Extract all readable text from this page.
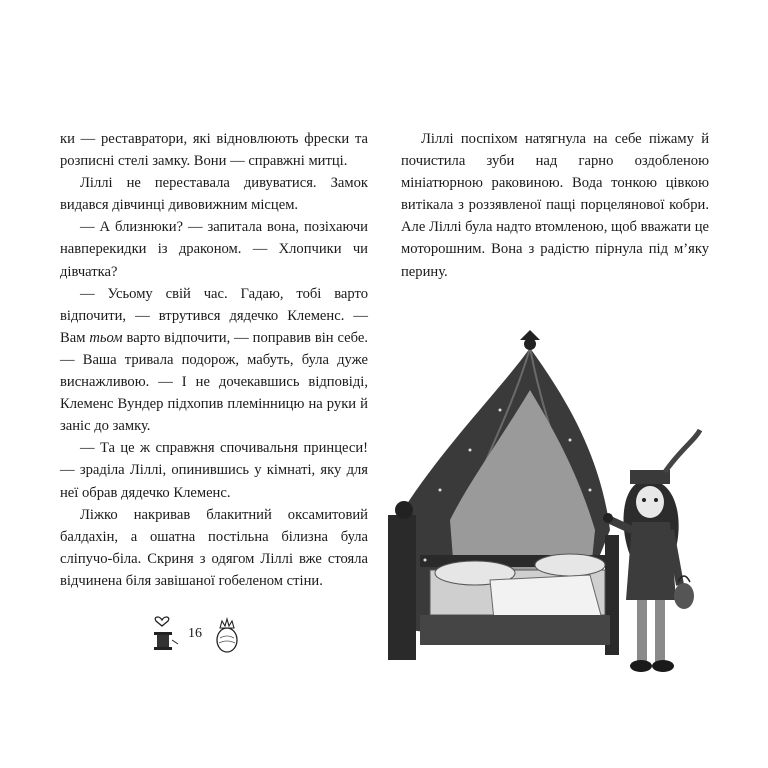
ки — реставратори, які відновлюють фрески та розписні стелі замку. Вони — справжні митці.

Ліллі не переставала дивуватися. Замок видався дівчинці дивовижним місцем.

— А близнюки? — запитала вона, позіхаючи навперекидки із драконом. — Хлопчики чи дівчатка?

— Усьому свій час. Гадаю, тобі варто відпочити, — втрутився дядечко Клеменс. — Вам тьом варто відпочити, — поправив він себе. — Ваша тривала подорож, мабуть, була дуже виснажливою. — І не дочекавшись відповіді, Клеменс Вундер підхопив племінницю на руки й заніс до замку.

— Та це ж справжня спочивальня принцеси! — зраділа Ліллі, опинившись у кімнаті, яку для неї обрав дядечко Клеменс.

Ліжко накривав блакитний оксамитовий балдахін, а ошатна постільна білизна була сліпучо-біла. Скриня з одягом Ліллі вже стояла відчинена біля завішаної гобеленом стіни.

16

Ліллі поспіхом натягнула на себе піжаму й почистила зуби над гарно оздобленою мініатюрною раковиною. Вода тонкою цівкою витікала з роззявленої пащі порцелянової кобри. Але Ліллі була надто втомленою, щоб вважати це моторошним. Вона з радістю пірнула під м’яку перину.
